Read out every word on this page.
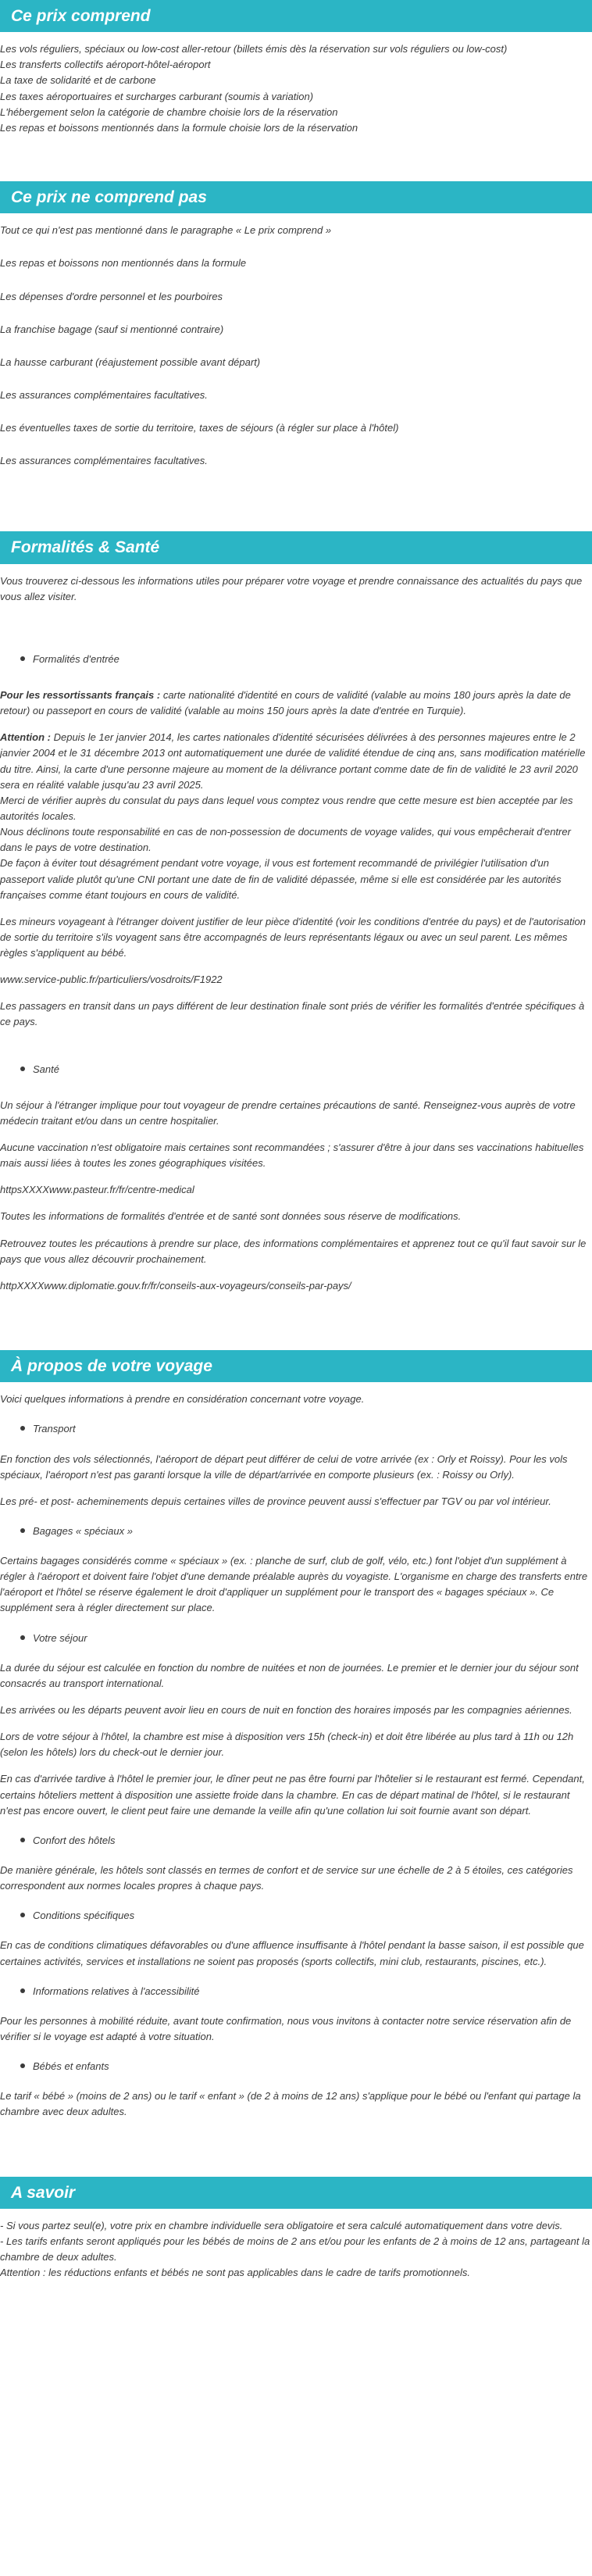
Ce prix comprend
Les vols réguliers, spéciaux ou low-cost aller-retour (billets émis dès la réservation sur vols réguliers ou low-cost)
Les transferts collectifs aéroport-hôtel-aéroport
La taxe de solidarité et de carbone
Les taxes aéroportuaires et surcharges carburant (soumis à variation)
L'hébergement selon la catégorie de chambre choisie lors de la réservation
Les repas et boissons mentionnés dans la formule choisie lors de la réservation
Ce prix ne comprend pas
Tout ce qui n'est pas mentionné dans le paragraphe « Le prix comprend »
Les repas et boissons non mentionnés dans la formule
Les dépenses d'ordre personnel et les pourboires
La franchise bagage (sauf si mentionné contraire)
La hausse carburant (réajustement possible avant départ)
Les assurances complémentaires facultatives.
Les éventuelles taxes de sortie du territoire, taxes de séjours (à régler sur place à l'hôtel)
Les assurances complémentaires facultatives.
Formalités & Santé

Vous trouverez ci-dessous les informations utiles pour préparer votre voyage et prendre connaissance des actualités du pays que vous allez visiter.

Formalités d'entrée

Pour les ressortissants français : carte nationalité d'identité en cours de validité (valable au moins 180 jours après la date de retour) ou passeport en cours de validité (valable au moins 150 jours après la date d'entrée en Turquie).

Attention : Depuis le 1er janvier 2014, les cartes nationales d'identité sécurisées délivrées à des personnes majeures entre le 2 janvier 2004 et le 31 décembre 2013 ont automatiquement une durée de validité étendue de cinq ans, sans modification matérielle du titre. Ainsi, la carte d'une personne majeure au moment de la délivrance portant comme date de fin de validité le 23 avril 2020 sera en réalité valable jusqu'au 23 avril 2025.

Merci de vérifier auprès du consulat du pays dans lequel vous comptez vous rendre que cette mesure est bien acceptée par les autorités locales.

Nous déclinons toute responsabilité en cas de non-possession de documents de voyage valides, qui vous empêcherait d'entrer dans le pays de votre destination.

De façon à éviter tout désagrément pendant votre voyage, il vous est fortement recommandé de privilégier l'utilisation d'un passeport valide plutôt qu'une CNI portant une date de fin de validité dépassée, même si elle est considérée par les autorités françaises comme étant toujours en cours de validité.

Les mineurs voyageant à l'étranger doivent justifier de leur pièce d'identité (voir les conditions d'entrée du pays) et de l'autorisation de sortie du territoire s'ils voyagent sans être accompagnés de leurs représentants légaux ou avec un seul parent. Les mêmes règles s'appliquent au bébé.

www.service-public.fr/particuliers/vosdroits/F1922

Les passagers en transit dans un pays différent de leur destination finale sont priés de vérifier les formalités d'entrée spécifiques à ce pays.

Santé

Un séjour à l'étranger implique pour tout voyageur de prendre certaines précautions de santé. Renseignez-vous auprès de votre médecin traitant et/ou dans un centre hospitalier.

Aucune vaccination n'est obligatoire mais certaines sont recommandées ; s'assurer d'être à jour dans ses vaccinations habituelles mais aussi liées à toutes les zones géographiques visitées.

httpsXXXXwww.pasteur.fr/fr/centre-medical

Toutes les informations de formalités d'entrée et de santé sont données sous réserve de modifications.

Retrouvez toutes les précautions à prendre sur place, des informations complémentaires et apprenez tout ce qu'il faut savoir sur le pays que vous allez découvrir prochainement.

httpXXXXwww.diplomatie.gouv.fr/fr/conseils-aux-voyageurs/conseils-par-pays/

À propos de votre voyage

Voici quelques informations à prendre en considération concernant votre voyage.

Transport

En fonction des vols sélectionnés, l'aéroport de départ peut différer de celui de votre arrivée (ex : Orly et Roissy). Pour les vols spéciaux, l'aéroport n'est pas garanti lorsque la ville de départ/arrivée en comporte plusieurs (ex. : Roissy ou Orly).

Les pré- et post- acheminements depuis certaines villes de province peuvent aussi s'effectuer par TGV ou par vol intérieur.

Bagages « spéciaux »

Certains bagages considérés comme « spéciaux » (ex. : planche de surf, club de golf, vélo, etc.) font l'objet d'un supplément à régler à l'aéroport et doivent faire l'objet d'une demande préalable auprès du voyagiste. L'organisme en charge des transferts entre l'aéroport et l'hôtel se réserve également le droit d'appliquer un supplément pour le transport des « bagages spéciaux ». Ce supplément sera à régler directement sur place.

Votre séjour

La durée du séjour est calculée en fonction du nombre de nuitées et non de journées. Le premier et le dernier jour du séjour sont consacrés au transport international.

Les arrivées ou les départs peuvent avoir lieu en cours de nuit en fonction des horaires imposés par les compagnies aériennes.

Lors de votre séjour à l'hôtel, la chambre est mise à disposition vers 15h (check-in) et doit être libérée au plus tard à 11h ou 12h (selon les hôtels) lors du check-out le dernier jour.

En cas d'arrivée tardive à l'hôtel le premier jour, le dîner peut ne pas être fourni par l'hôtelier si le restaurant est fermé. Cependant, certains hôteliers mettent à disposition une assiette froide dans la chambre. En cas de départ matinal de l'hôtel, si le restaurant n'est pas encore ouvert, le client peut faire une demande la veille afin qu'une collation lui soit fournie avant son départ.

Confort des hôtels

De manière générale, les hôtels sont classés en termes de confort et de service sur une échelle de 2 à 5 étoiles, ces catégories correspondent aux normes locales propres à chaque pays.

Conditions spécifiques

En cas de conditions climatiques défavorables ou d'une affluence insuffisante à l'hôtel pendant la basse saison, il est possible que certaines activités, services et installations ne soient pas proposés (sports collectifs, mini club, restaurants, piscines, etc.).

Informations relatives à l'accessibilité

Pour les personnes à mobilité réduite, avant toute confirmation, nous vous invitons à contacter notre service réservation afin de vérifier si le voyage est adapté à votre situation.

Bébés et enfants

Le tarif « bébé » (moins de 2 ans) ou le tarif « enfant » (de 2 à moins de 12 ans) s'applique pour le bébé ou l'enfant qui partage la chambre avec deux adultes.

A savoir
- Si vous partez seul(e), votre prix en chambre individuelle sera obligatoire et sera calculé automatiquement dans votre devis.
- Les tarifs enfants seront appliqués pour les bébés de moins de 2 ans et/ou pour les enfants de 2 à moins de 12 ans, partageant la chambre de deux adultes.
Attention : les réductions enfants et bébés ne sont pas applicables dans le cadre de tarifs promotionnels.
